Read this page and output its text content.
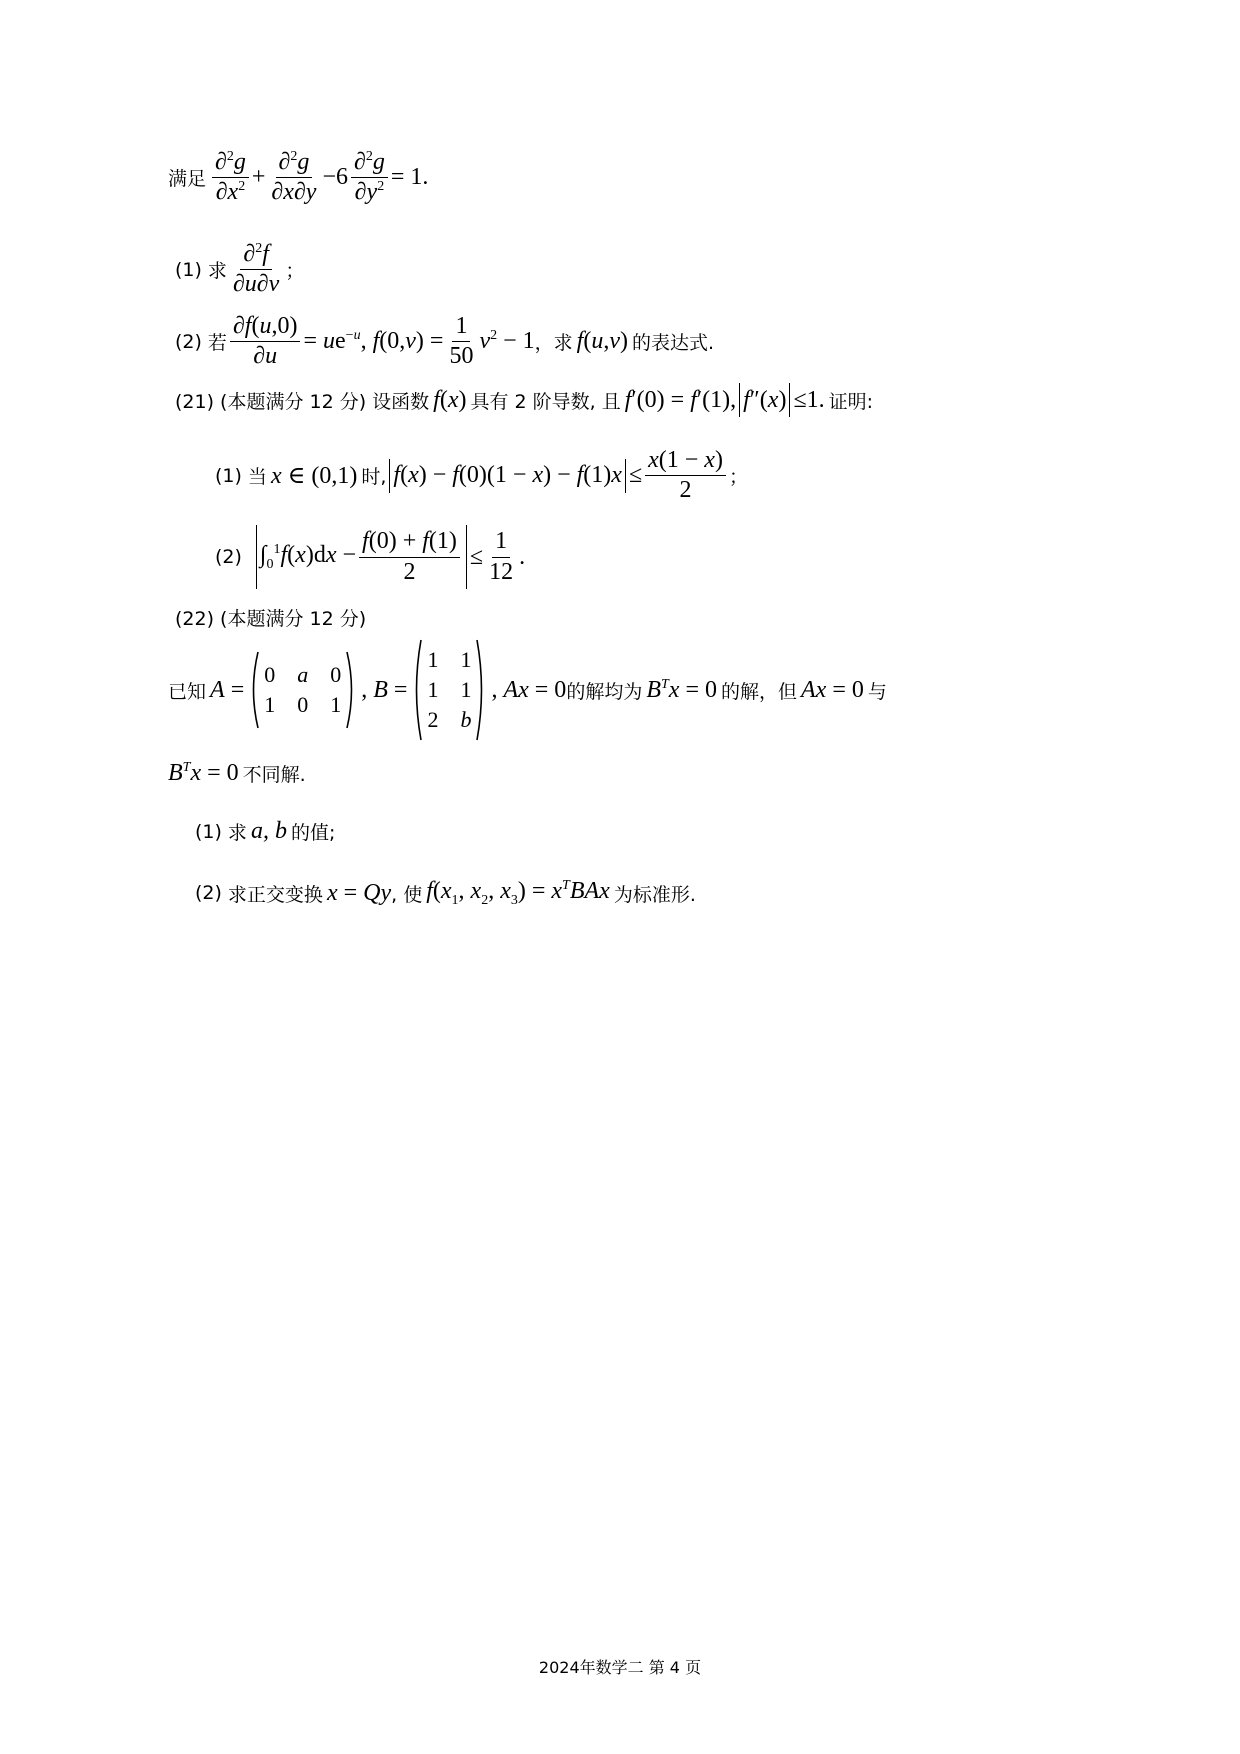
满足 $\frac{\partial^2g}{\partial x^2} + \frac{\partial^2g}{\partial x\partial y} -6 \frac{\partial^2g}{\partial y^2} = 1$.
(1) 求 $\frac{\partial^2f}{\partial u\partial v}$ ；
(2) 若 $\frac{\partial f(u,0)}{\partial u} = ue^{-u}$, $f(0,v) = \frac{1}{50} v^2 - 1$ ，求 f(u,v) 的表达式.
(21) (本题满分 12 分) 设函数 f(x) 具有 2 阶导数, 且 f′(0) = f′(1), f″(x) ≤1. 证明:
(1) 当 x ∈ (0,1) 时, $f(x) - f(0)(1 - x) - f(1)x \le \frac{x(1 - x)}{2}$ ；
(2) $\int_0^1f(x)dx - \frac{f(0) + f(1)}{2} \le \frac{1}{12}$ .
(22) (本题满分 12 分)
已知 A =
0 a 0
1 0 1
, B =
1 1
1 1
2 b
, Ax = 0 的解均为 $B^Tx = 0$ 的解，但 Ax = 0 与
$B^Tx = 0$ 不同解.
(1) 求 a, b 的值;
(2) 求正交变换 x = Qy , 使 $f(x_1$, $x_2$, $x_3) = x^TBAx$ 为标准形.
2024年数学二 第 4 页
